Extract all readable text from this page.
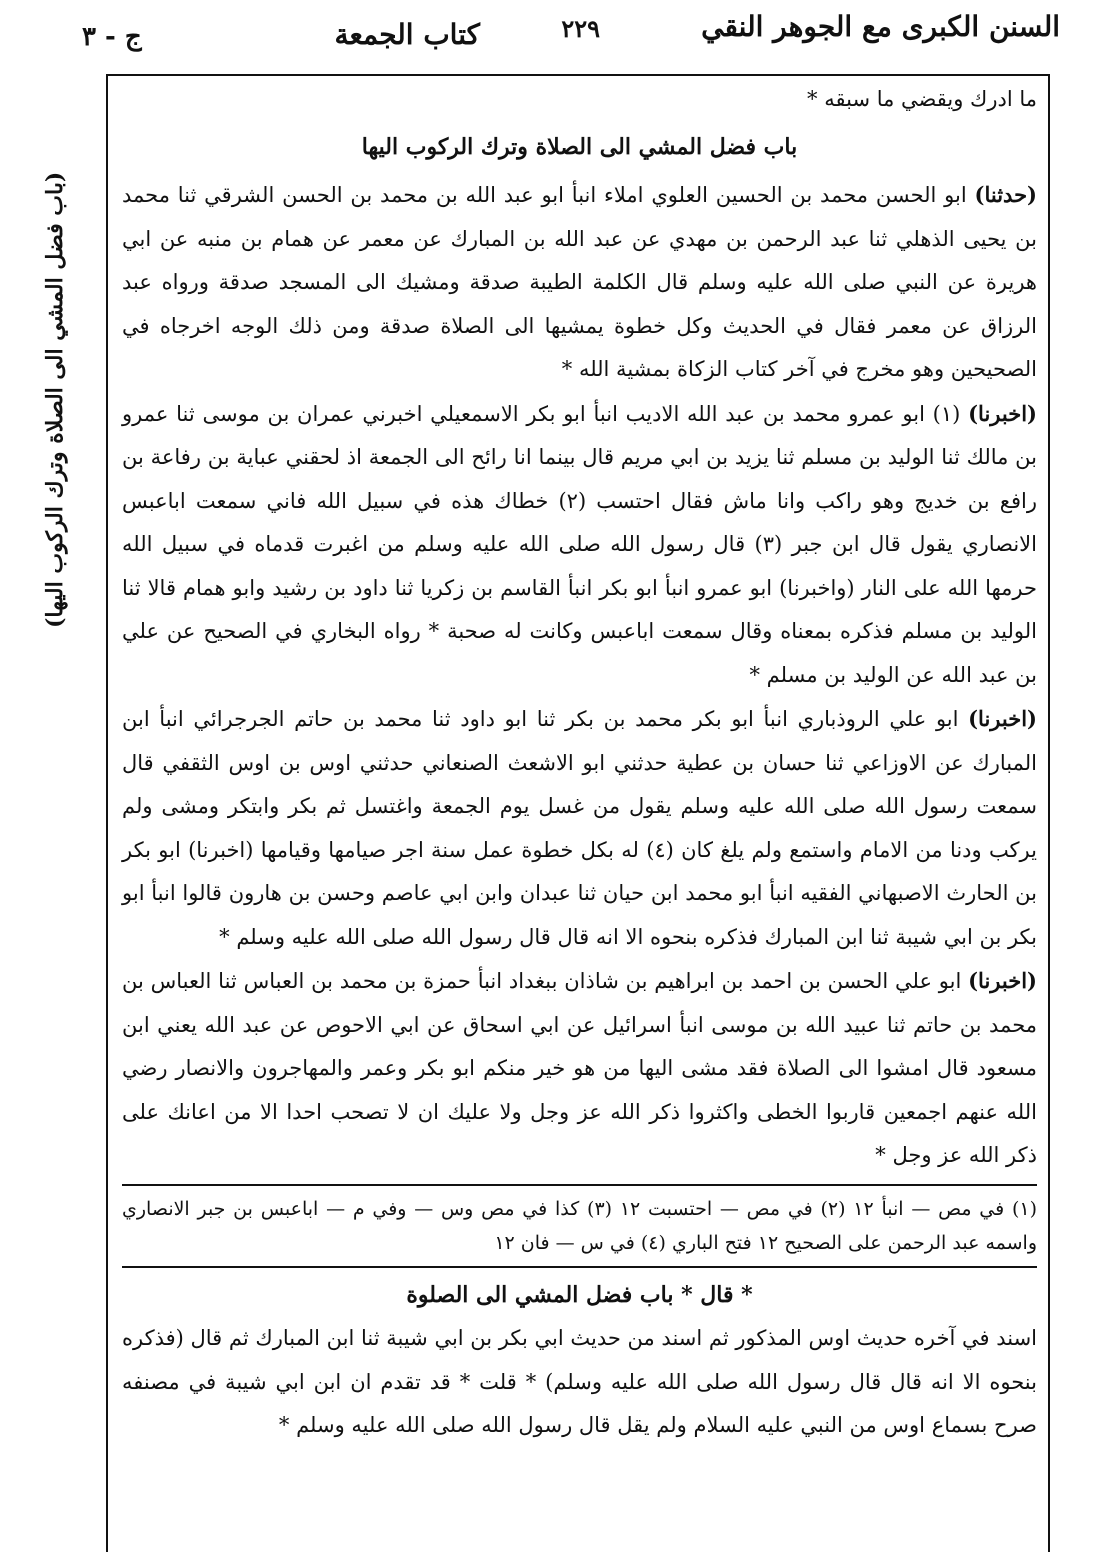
السنن الكبرى مع الجوهر النقي
٢٢٩
كتاب الجمعة
ج - ٣
(باب فضل المشي الى الصلاة وترك الركوب اليها)

ما ادرك ويقضي ما سبقه *

باب فضل المشي الى الصلاة وترك الركوب اليها

(حدثنا) ابو الحسن محمد بن الحسين العلوي املاء انبأ ابو عبد الله بن محمد بن الحسن الشرقي ثنا محمد بن يحيى الذهلي ثنا عبد الرحمن بن مهدي عن عبد الله بن المبارك عن معمر عن همام بن منبه عن ابي هريرة عن النبي صلى الله عليه وسلم قال الكلمة الطيبة صدقة ومشيك الى المسجد صدقة ورواه عبد الرزاق عن معمر فقال في الحديث وكل خطوة يمشيها الى الصلاة صدقة ومن ذلك الوجه اخرجاه في الصحيحين وهو مخرج في آخر كتاب الزكاة بمشية الله *

(اخبرنا) (١) ابو عمرو محمد بن عبد الله الاديب انبأ ابو بكر الاسمعيلي اخبرني عمران بن موسى ثنا عمرو بن مالك ثنا الوليد بن مسلم ثنا يزيد بن ابي مريم قال بينما انا رائح الى الجمعة اذ لحقني عباية بن رفاعة بن رافع بن خديج وهو راكب وانا ماش فقال احتسب (٢) خطاك هذه في سبيل الله فاني سمعت اباعبس الانصاري يقول قال ابن جبر (٣) قال رسول الله صلى الله عليه وسلم من اغبرت قدماه في سبيل الله حرمها الله على النار (واخبرنا) ابو عمرو انبأ ابو بكر انبأ القاسم بن زكريا ثنا داود بن رشيد وابو همام قالا ثنا الوليد بن مسلم فذكره بمعناه وقال سمعت اباعبس وكانت له صحبة * رواه البخاري في الصحيح عن علي بن عبد الله عن الوليد بن مسلم *

(اخبرنا) ابو علي الروذباري انبأ ابو بكر محمد بن بكر ثنا ابو داود ثنا محمد بن حاتم الجرجرائي انبأ ابن المبارك عن الاوزاعي ثنا حسان بن عطية حدثني ابو الاشعث الصنعاني حدثني اوس بن اوس الثقفي قال سمعت رسول الله صلى الله عليه وسلم يقول من غسل يوم الجمعة واغتسل ثم بكر وابتكر ومشى ولم يركب ودنا من الامام واستمع ولم يلغ كان (٤) له بكل خطوة عمل سنة اجر صيامها وقيامها (اخبرنا) ابو بكر بن الحارث الاصبهاني الفقيه انبأ ابو محمد ابن حيان ثنا عبدان وابن ابي عاصم وحسن بن هارون قالوا انبأ ابو بكر بن ابي شيبة ثنا ابن المبارك فذكره بنحوه الا انه قال قال رسول الله صلى الله عليه وسلم *

(اخبرنا) ابو علي الحسن بن احمد بن ابراهيم بن شاذان ببغداد انبأ حمزة بن محمد بن العباس ثنا العباس بن محمد بن حاتم ثنا عبيد الله بن موسى انبأ اسرائيل عن ابي اسحاق عن ابي الاحوص عن عبد الله يعني ابن مسعود قال امشوا الى الصلاة فقد مشى اليها من هو خير منكم ابو بكر وعمر والمهاجرون والانصار رضي الله عنهم اجمعين قاربوا الخطى واكثروا ذكر الله عز وجل ولا عليك ان لا تصحب احدا الا من اعانك على ذكر الله عز وجل *

(١) في مص — انبأ ١٢ (٢) في مص — احتسبت ١٢ (٣) كذا في مص وس — وفي م — اباعبس بن جبر الانصاري واسمه عبد الرحمن على الصحيح ١٢ فتح الباري (٤) في س — فان ١٢

* قال * باب فضل المشي الى الصلوة

اسند في آخره حديث اوس المذكور ثم اسند من حديث ابي بكر بن ابي شيبة ثنا ابن المبارك ثم قال (فذكره بنحوه الا انه قال قال رسول الله صلى الله عليه وسلم) * قلت * قد تقدم ان ابن ابي شيبة في مصنفه صرح بسماع اوس من النبي عليه السلام ولم يقل قال رسول الله صلى الله عليه وسلم *
